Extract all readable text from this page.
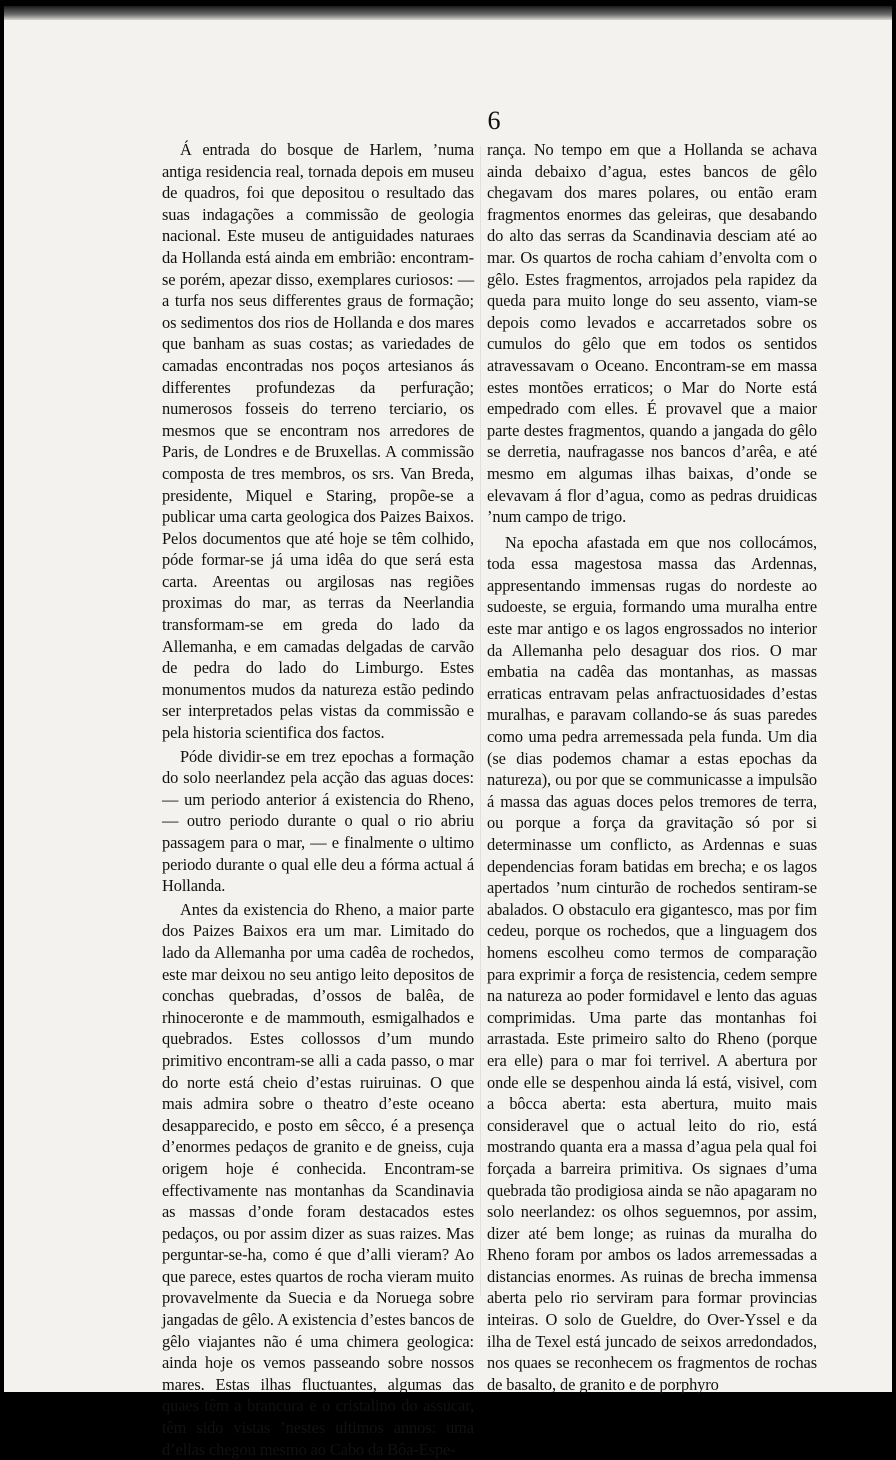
6

Á entrada do bosque de Harlem, ’numa antiga residencia real, tornada depois em museu de quadros, foi que depositou o resultado das suas indagações a commissão de geologia nacional. Este museu de antiguidades naturaes da Hollanda está ainda em embrião: encontram-se porém, apezar disso, exemplares curiosos: — a turfa nos seus differentes graus de formação; os sedimentos dos rios de Hollanda e dos mares que banham as suas costas; as variedades de camadas encontradas nos poços artesianos ás differentes profundezas da perfuração; numerosos fosseis do terreno terciario, os mesmos que se encontram nos arredores de Paris, de Londres e de Bruxellas. A commissão composta de tres membros, os srs. Van Breda, presidente, Miquel e Staring, propõe-se a publicar uma carta geologica dos Paizes Baixos. Pelos documentos que até hoje se têm colhido, póde formar-se já uma idêa do que será esta carta. Areentas ou argilosas nas regiões proximas do mar, as terras da Neerlandia transformam-se em greda do lado da Allemanha, e em camadas delgadas de carvão de pedra do lado do Limburgo. Estes monumentos mudos da natureza estão pedindo ser interpretados pelas vistas da commissão e pela historia scientifica dos factos.

Póde dividir-se em trez epochas a formação do solo neerlandez pela acção das aguas doces: — um periodo anterior á existencia do Rheno, — outro periodo durante o qual o rio abriu passagem para o mar, — e finalmente o ultimo periodo durante o qual elle deu a fórma actual á Hollanda.

Antes da existencia do Rheno, a maior parte dos Paizes Baixos era um mar. Limitado do lado da Allemanha por uma cadêa de rochedos, este mar deixou no seu antigo leito depositos de conchas quebradas, d’ossos de balêa, de rhinoceronte e de mammouth, esmigalhados e quebrados. Estes collossos d’um mundo primitivo encontram-se alli a cada passo, o mar do norte está cheio d’estas ruiruinas. O que mais admira sobre o theatro d’este oceano desapparecido, e posto em sêcco, é a presença d’enormes pedaços de granito e de gneiss, cuja origem hoje é conhecida. Encontram-se effectivamente nas montanhas da Scandinavia as massas d’onde foram destacados estes pedaços, ou por assim dizer as suas raizes. Mas perguntar-se-ha, como é que d’alli vieram? Ao que parece, estes quartos de rocha vieram muito provavelmente da Suecia e da Noruega sobre jangadas de gêlo. A existencia d’estes bancos de gêlo viajantes não é uma chimera geologica: ainda hoje os vemos passeando sobre nossos mares. Estas ilhas fluctuantes, algumas das quaes têm a brancura e o cristalino do assucar, têm sido vistas ’nestes ultimos annos: uma d’ellas chegou mesmo ao Cabo da Bôa-Espe-

rança. No tempo em que a Hollanda se achava ainda debaixo d’agua, estes bancos de gêlo chegavam dos mares polares, ou então eram fragmentos enormes das geleiras, que desabando do alto das serras da Scandinavia desciam até ao mar. Os quartos de rocha cahiam d’envolta com o gêlo. Estes fragmentos, arrojados pela rapidez da queda para muito longe do seu assento, viam-se depois como levados e accarretados sobre os cumulos do gêlo que em todos os sentidos atravessavam o Oceano. Encontram-se em massa estes montões erraticos; o Mar do Norte está empedrado com elles. É provavel que a maior parte destes fragmentos, quando a jangada do gêlo se derretia, naufragasse nos bancos d’arêa, e até mesmo em algumas ilhas baixas, d’onde se elevavam á flor d’agua, como as pedras druidicas ’num campo de trigo.

Na epocha afastada em que nos collocámos, toda essa magestosa massa das Ardennas, appresentando immensas rugas do nordeste ao sudoeste, se erguia, formando uma muralha entre este mar antigo e os lagos engrossados no interior da Allemanha pelo desaguar dos rios. O mar embatia na cadêa das montanhas, as massas erraticas entravam pelas anfractuosidades d’estas muralhas, e paravam collando-se ás suas paredes como uma pedra arremessada pela funda. Um dia (se dias podemos chamar a estas epochas da natureza), ou por que se communicasse a impulsão á massa das aguas doces pelos tremores de terra, ou porque a força da gravitação só por si determinasse um conflicto, as Ardennas e suas dependencias foram batidas em brecha; e os lagos apertados ’num cinturão de rochedos sentiram-se abalados. O obstaculo era gigantesco, mas por fim cedeu, porque os rochedos, que a linguagem dos homens escolheu como termos de comparação para exprimir a força de resistencia, cedem sempre na natureza ao poder formidavel e lento das aguas comprimidas. Uma parte das montanhas foi arrastada. Este primeiro salto do Rheno (porque era elle) para o mar foi terrivel. A abertura por onde elle se despenhou ainda lá está, visivel, com a bôcca aberta: esta abertura, muito mais consideravel que o actual leito do rio, está mostrando quanta era a massa d’agua pela qual foi forçada a barreira primitiva. Os signaes d’uma quebrada tão prodigiosa ainda se não apagaram no solo neerlandez: os olhos seguemnos, por assim, dizer até bem longe; as ruinas da muralha do Rheno foram por ambos os lados arremessadas a distancias enormes. As ruinas de brecha immensa aberta pelo rio serviram para formar provincias inteiras. O solo de Gueldre, do Over-Yssel e da ilha de Texel está juncado de seixos arredondados, nos quaes se reconhecem os fragmentos de rochas de basalto, de granito e de porphyro
